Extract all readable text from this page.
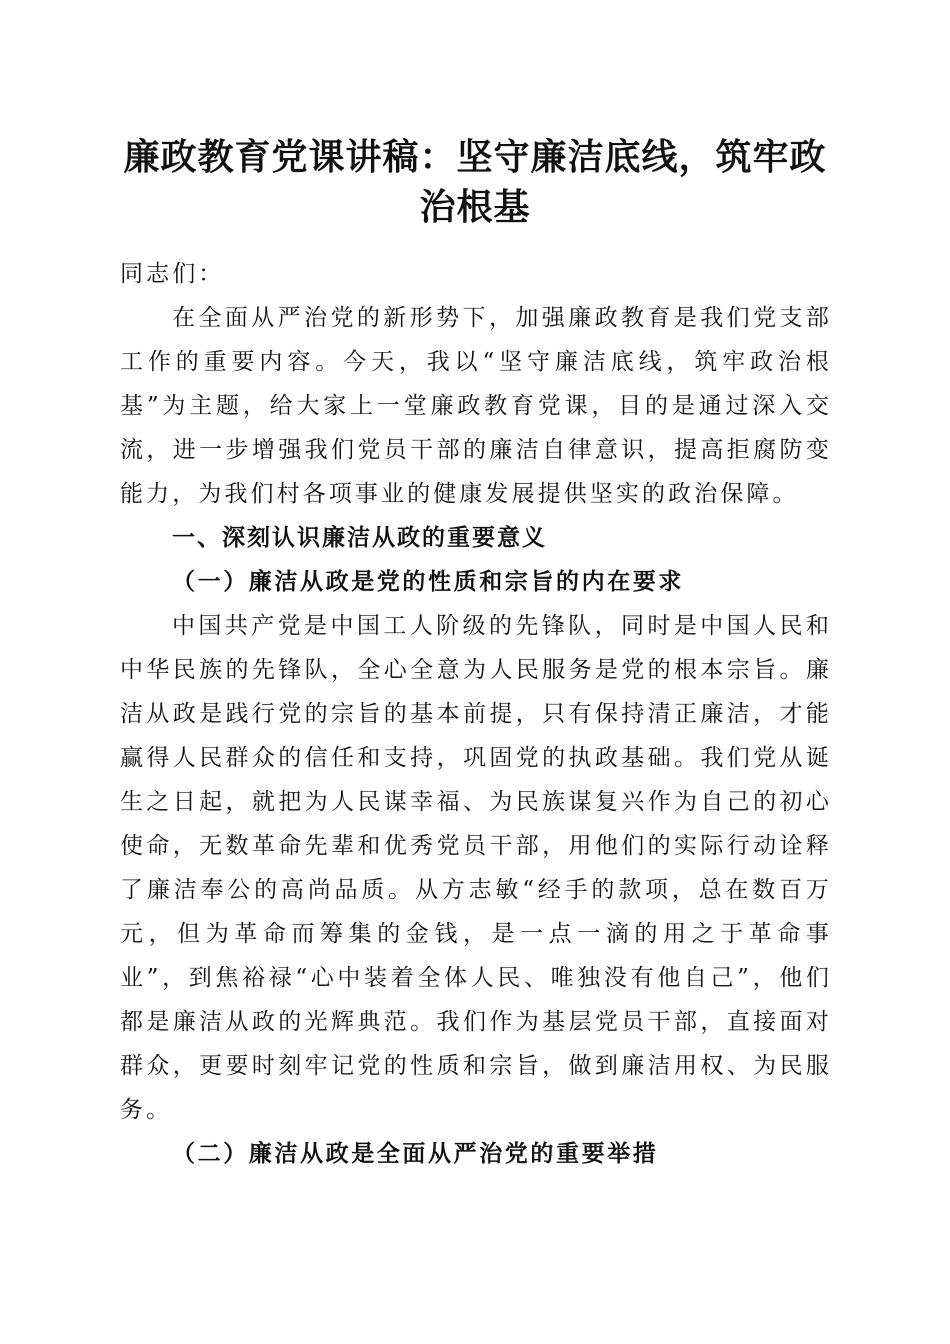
廉政教育党课讲稿：坚守廉洁底线，筑牢政治根基

同志们：

在全面从严治党的新形势下，加强廉政教育是我们党支部工作的重要内容。今天，我以“坚守廉洁底线，筑牢政治根基”为主题，给大家上一堂廉政教育党课，目的是通过深入交流，进一步增强我们党员干部的廉洁自律意识，提高拒腐防变能力，为我们村各项事业的健康发展提供坚实的政治保障。

一、深刻认识廉洁从政的重要意义

（一）廉洁从政是党的性质和宗旨的内在要求

中国共产党是中国工人阶级的先锋队，同时是中国人民和中华民族的先锋队，全心全意为人民服务是党的根本宗旨。廉洁从政是践行党的宗旨的基本前提，只有保持清正廉洁，才能赢得人民群众的信任和支持，巩固党的执政基础。我们党从诞生之日起，就把为人民谋幸福、为民族谋复兴作为自己的初心使命，无数革命先辈和优秀党员干部，用他们的实际行动诠释了廉洁奉公的高尚品质。从方志敏“经手的款项，总在数百万元，但为革命而筹集的金钱，是一点一滴的用之于革命事业”，到焦裕禄“心中装着全体人民、唯独没有他自己”，他们都是廉洁从政的光辉典范。我们作为基层党员干部，直接面对群众，更要时刻牢记党的性质和宗旨，做到廉洁用权、为民服务。

（二）廉洁从政是全面从严治党的重要举措
